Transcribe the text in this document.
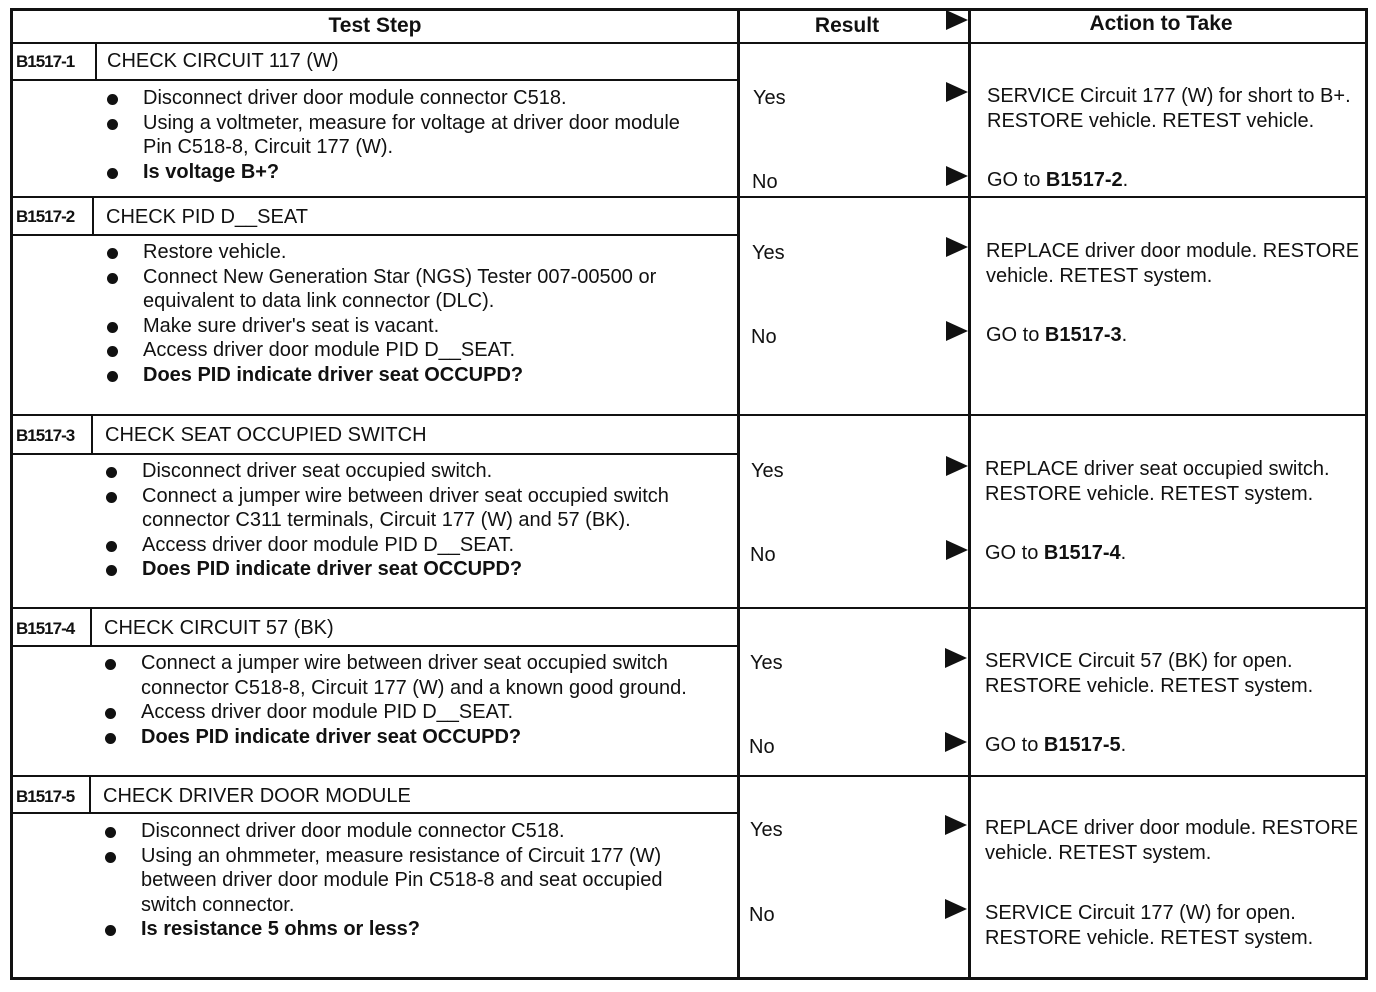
Test Step	Result	Action to Take
B1517-1 CHECK CIRCUIT 117 (W)
Disconnect driver door module connector C518.
Using a voltmeter, measure for voltage at driver door module Pin C518-8, Circuit 177 (W).
Is voltage B+?
Yes	SERVICE Circuit 177 (W) for short to B+. RESTORE vehicle. RETEST vehicle.
No	GO to B1517-2.
B1517-2 CHECK PID D__SEAT
Restore vehicle.
Connect New Generation Star (NGS) Tester 007-00500 or equivalent to data link connector (DLC).
Make sure driver's seat is vacant.
Access driver door module PID D__SEAT.
Does PID indicate driver seat OCCUPD?
Yes	REPLACE driver door module. RESTORE vehicle. RETEST system.
No	GO to B1517-3.
B1517-3 CHECK SEAT OCCUPIED SWITCH
Disconnect driver seat occupied switch.
Connect a jumper wire between driver seat occupied switch connector C311 terminals, Circuit 177 (W) and 57 (BK).
Access driver door module PID D__SEAT.
Does PID indicate driver seat OCCUPD?
Yes	REPLACE driver seat occupied switch. RESTORE vehicle. RETEST system.
No	GO to B1517-4.
B1517-4 CHECK CIRCUIT 57 (BK)
Connect a jumper wire between driver seat occupied switch connector C518-8, Circuit 177 (W) and a known good ground.
Access driver door module PID D__SEAT.
Does PID indicate driver seat OCCUPD?
Yes	SERVICE Circuit 57 (BK) for open. RESTORE vehicle. RETEST system.
No	GO to B1517-5.
B1517-5 CHECK DRIVER DOOR MODULE
Disconnect driver door module connector C518.
Using an ohmmeter, measure resistance of Circuit 177 (W) between driver door module Pin C518-8 and seat occupied switch connector.
Is resistance 5 ohms or less?
Yes	REPLACE driver door module. RESTORE vehicle. RETEST system.
No	SERVICE Circuit 177 (W) for open. RESTORE vehicle. RETEST system.
